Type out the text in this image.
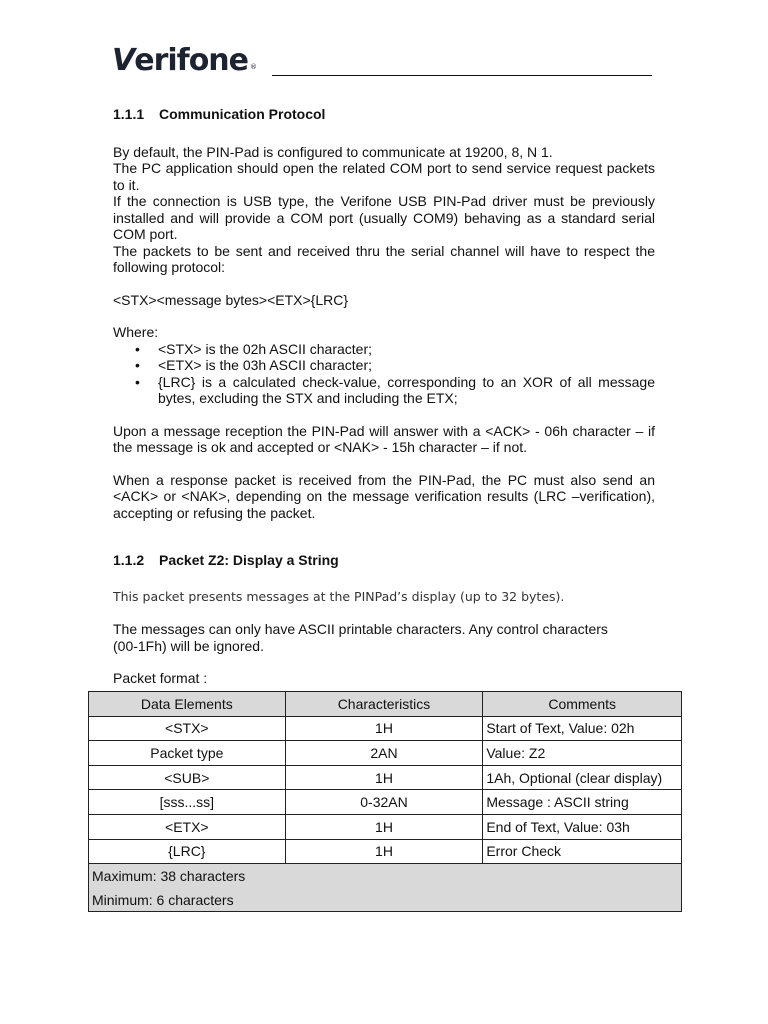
Verifone ®

1.1.1 Communication Protocol

By default, the PIN-Pad is configured to communicate at 19200, 8, N 1.

The PC application should open the related COM port to send service request packets to it.

If the connection is USB type, the Verifone USB PIN-Pad driver must be previously installed and will provide a COM port (usually COM9) behaving as a standard serial COM port.

The packets to be sent and received thru the serial channel will have to respect the following protocol:

<STX><message bytes><ETX>{LRC}

Where:

• <STX> is the 02h ASCII character;
• <ETX> is the 03h ASCII character;
• {LRC} is a calculated check-value, corresponding to an XOR of all message bytes, excluding the STX and including the ETX;

Upon a message reception the PIN-Pad will answer with a <ACK> - 06h character – if the message is ok and accepted or <NAK> - 15h character – if not.

When a response packet is received from the PIN-Pad, the PC must also send an <ACK> or <NAK>, depending on the message verification results (LRC –verification), accepting or refusing the packet.

1.1.2 Packet Z2: Display a String

This packet presents messages at the PINPad’s display (up to 32 bytes).

The messages can only have ASCII printable characters. Any control characters (00-1Fh) will be ignored.

Packet format :

Data Elements	Characteristics	Comments
<STX>	1H	Start of Text, Value: 02h
Packet type	2AN	Value: Z2
<SUB>	1H	1Ah, Optional (clear display)
[sss...ss]	0-32AN	Message : ASCII string
<ETX>	1H	End of Text, Value: 03h
{LRC}	1H	Error Check
Maximum: 38 characters		
Minimum: 6 characters		
